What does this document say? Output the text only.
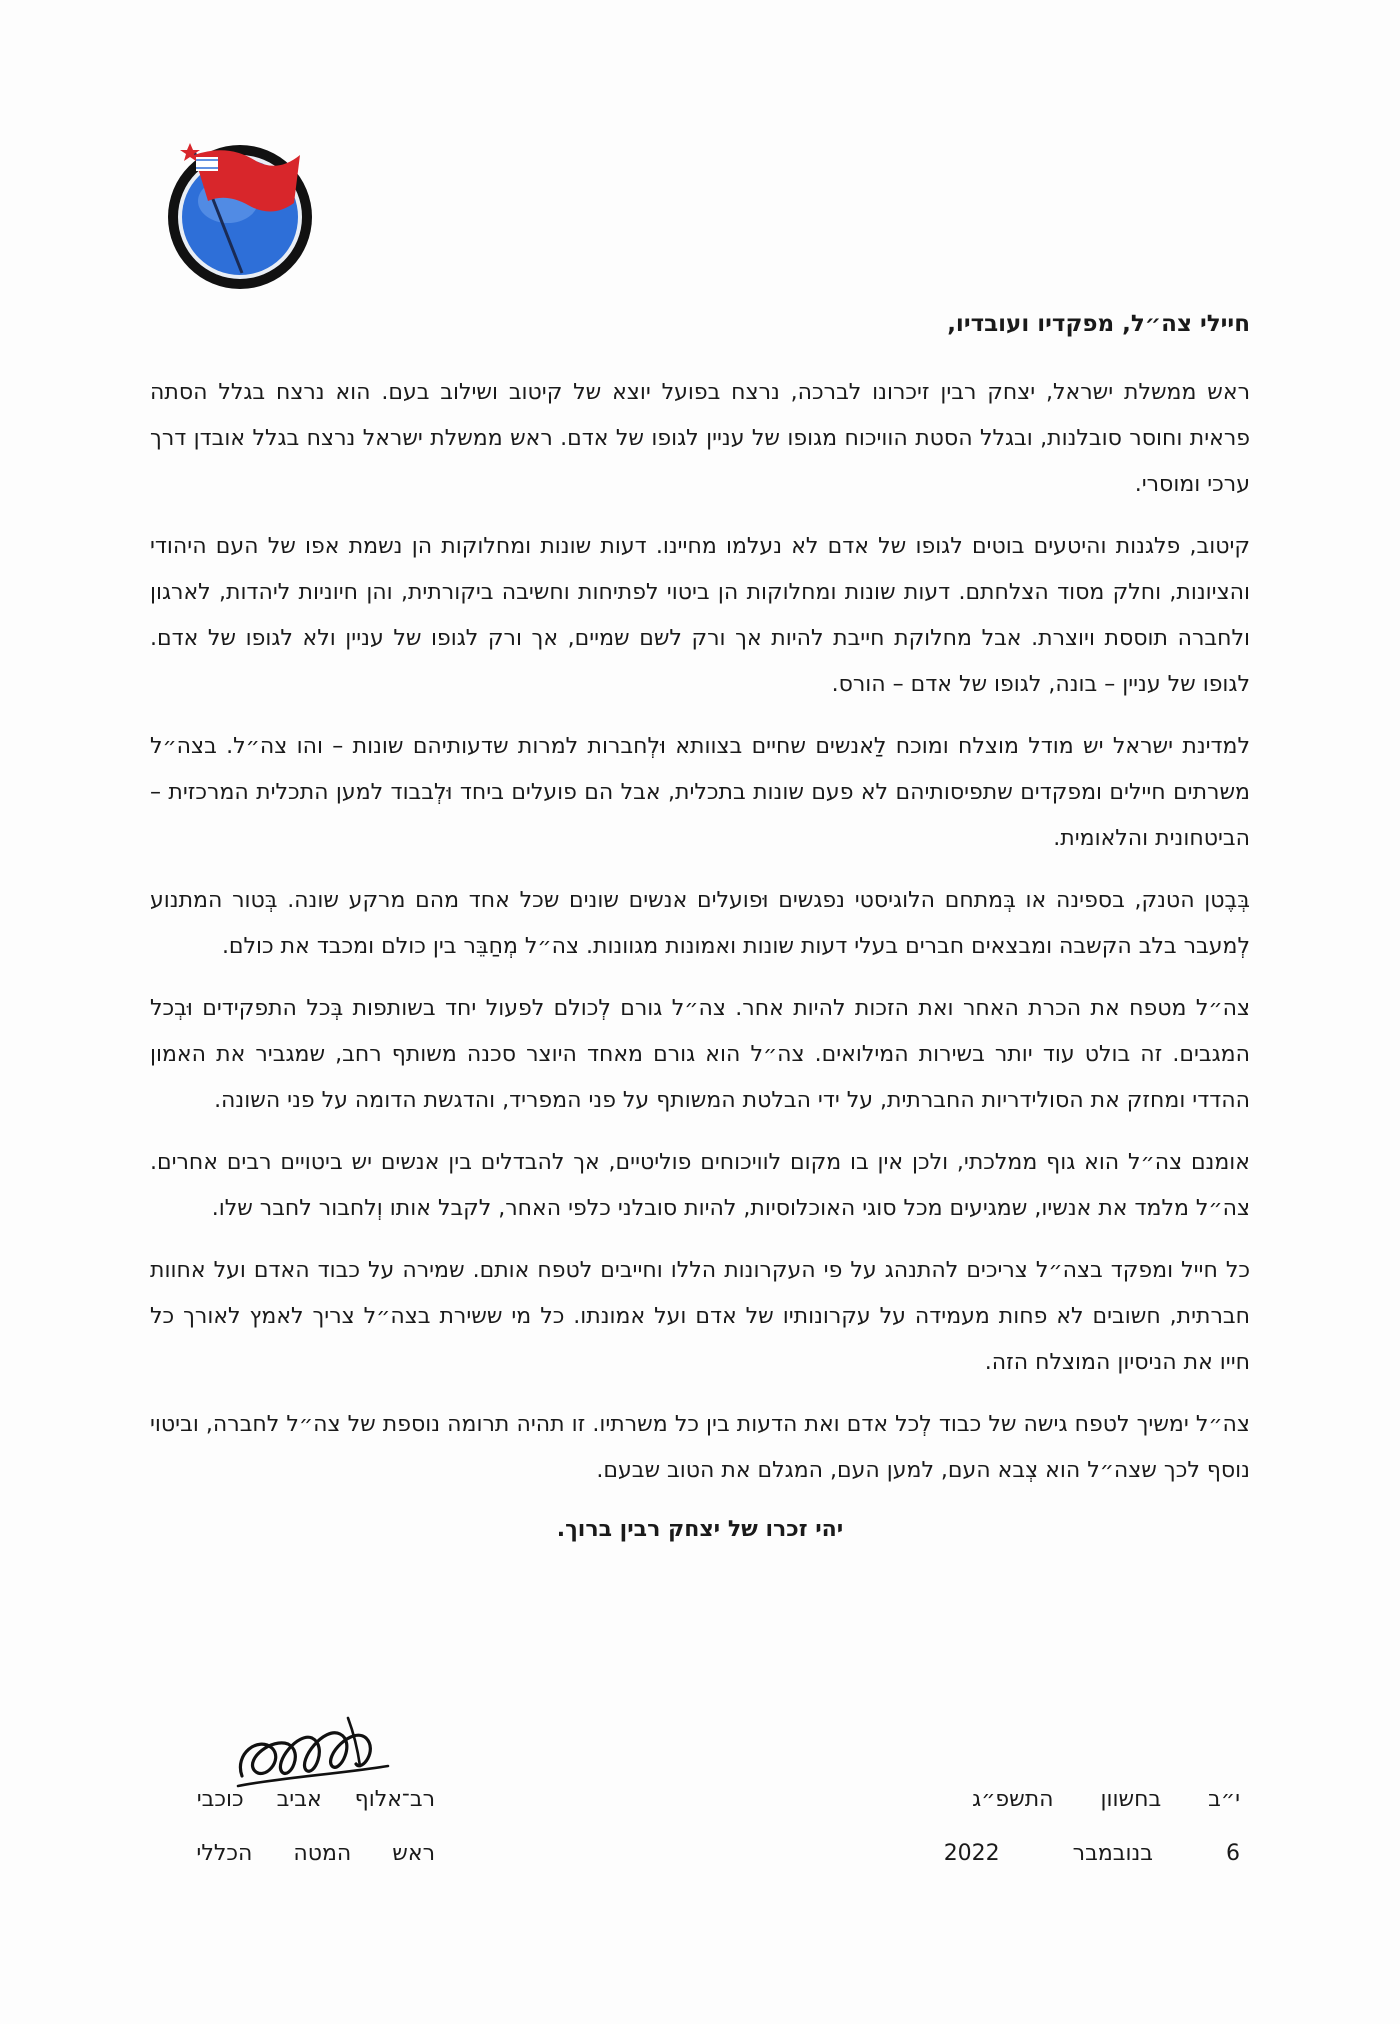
חיילי צה״ל, מפקדיו ועובדיו,

ראש ממשלת ישראל, יצחק רבין זיכרונו לברכה, נרצח בפועל יוצא של קיטוב ושילוב בעם. הוא נרצח בגלל הסתה פראית וחוסר סובלנות, ובגלל הסטת הוויכוח מגופו של עניין לגופו של אדם. ראש ממשלת ישראל נרצח בגלל אובדן דרך ערכי ומוסרי.

קיטוב, פלגנות והיטעים בוטים לגופו של אדם לא נעלמו מחיינו. דעות שונות ומחלוקות הן נשמת אפו של העם היהודי והציונות, וחלק מסוד הצלחתם. דעות שונות ומחלוקות הן ביטוי לפתיחות וחשיבה ביקורתית, והן חיוניות ליהדות, לארגון ולחברה תוססת ויוצרת. אבל מחלוקת חייבת להיות אך ורק לשם שמיים, אך ורק לגופו של עניין ולא לגופו של אדם. לגופו של עניין – בונה, לגופו של אדם – הורס.

למדינת ישראל יש מודל מוצלח ומוכח לַאנשים שחיים בצוותא וּלְחברות למרות שדעותיהם שונות – והו צה״ל. בצה״ל משרתים חיילים ומפקדים שתפיסותיהם לא פעם שונות בתכלית, אבל הם פועלים ביחד וּלְבבוד למען התכלית המרכזית – הביטחונית והלאומית.

בְּבֶטן הטנק, בספינה או בְּמתחם הלוגיסטי נפגשים וּפועלים אנשים שונים שכל אחד מהם מרקע שונה. בְּטור המתנוע לְמעבר בלב הקשבה ומבצאים חברים בעלי דעות שונות ואמונות מגוונות. צה״ל מְחַבֵּר בין כולם ומכבד את כולם.

צה״ל מטפח את הכרת האחר ואת הזכות להיות אחר. צה״ל גורם לְכולם לפעול יחד בשותפות בְּכל התפקידים וּבְכל המגבים. זה בולט עוד יותר בשירות המילואים. צה״ל הוא גורם מאחד היוצר סכנה משותף רחב, שמגביר את האמון ההדדי ומחזק את הסולידריות החברתית, על ידי הבלטת המשותף על פני המפריד, והדגשת הדומה על פני השונה.

אומנם צה״ל הוא גוף ממלכתי, ולכן אין בו מקום לוויכוחים פוליטיים, אך להבדלים בין אנשים יש ביטויים רבים אחרים. צה״ל מלמד את אנשיו, שמגיעים מכל סוגי האוכלוסיות, להיות סובלני כלפי האחר, לקבל אותו וְלחבור לחבר שלו.

כל חייל ומפקד בצה״ל צריכים להתנהג על פי העקרונות הללו וחייבים לטפח אותם. שמירה על כבוד האדם ועל אחוות חברתית, חשובים לא פחות מעמידה על עקרונותיו של אדם ועל אמונתו. כל מי ששירת בצה״ל צריך לאמץ לאורך כל חייו את הניסיון המוצלח הזה.

צה״ל ימשיך לטפח גישה של כבוד לְכל אדם ואת הדעות בין כל משרתיו. זו תהיה תרומה נוספת של צה״ל לחברה, וביטוי נוסף לכך שצה״ל הוא צְבא העם, למען העם, המגלם את הטוב שבעם.

יהי זכרו של יצחק רבין ברוך.
רב־אלוף אביב כוכבי
ראש המטה הכללי
י״ב בחשוון התשפ״ג
6 בנובמבר 2022
